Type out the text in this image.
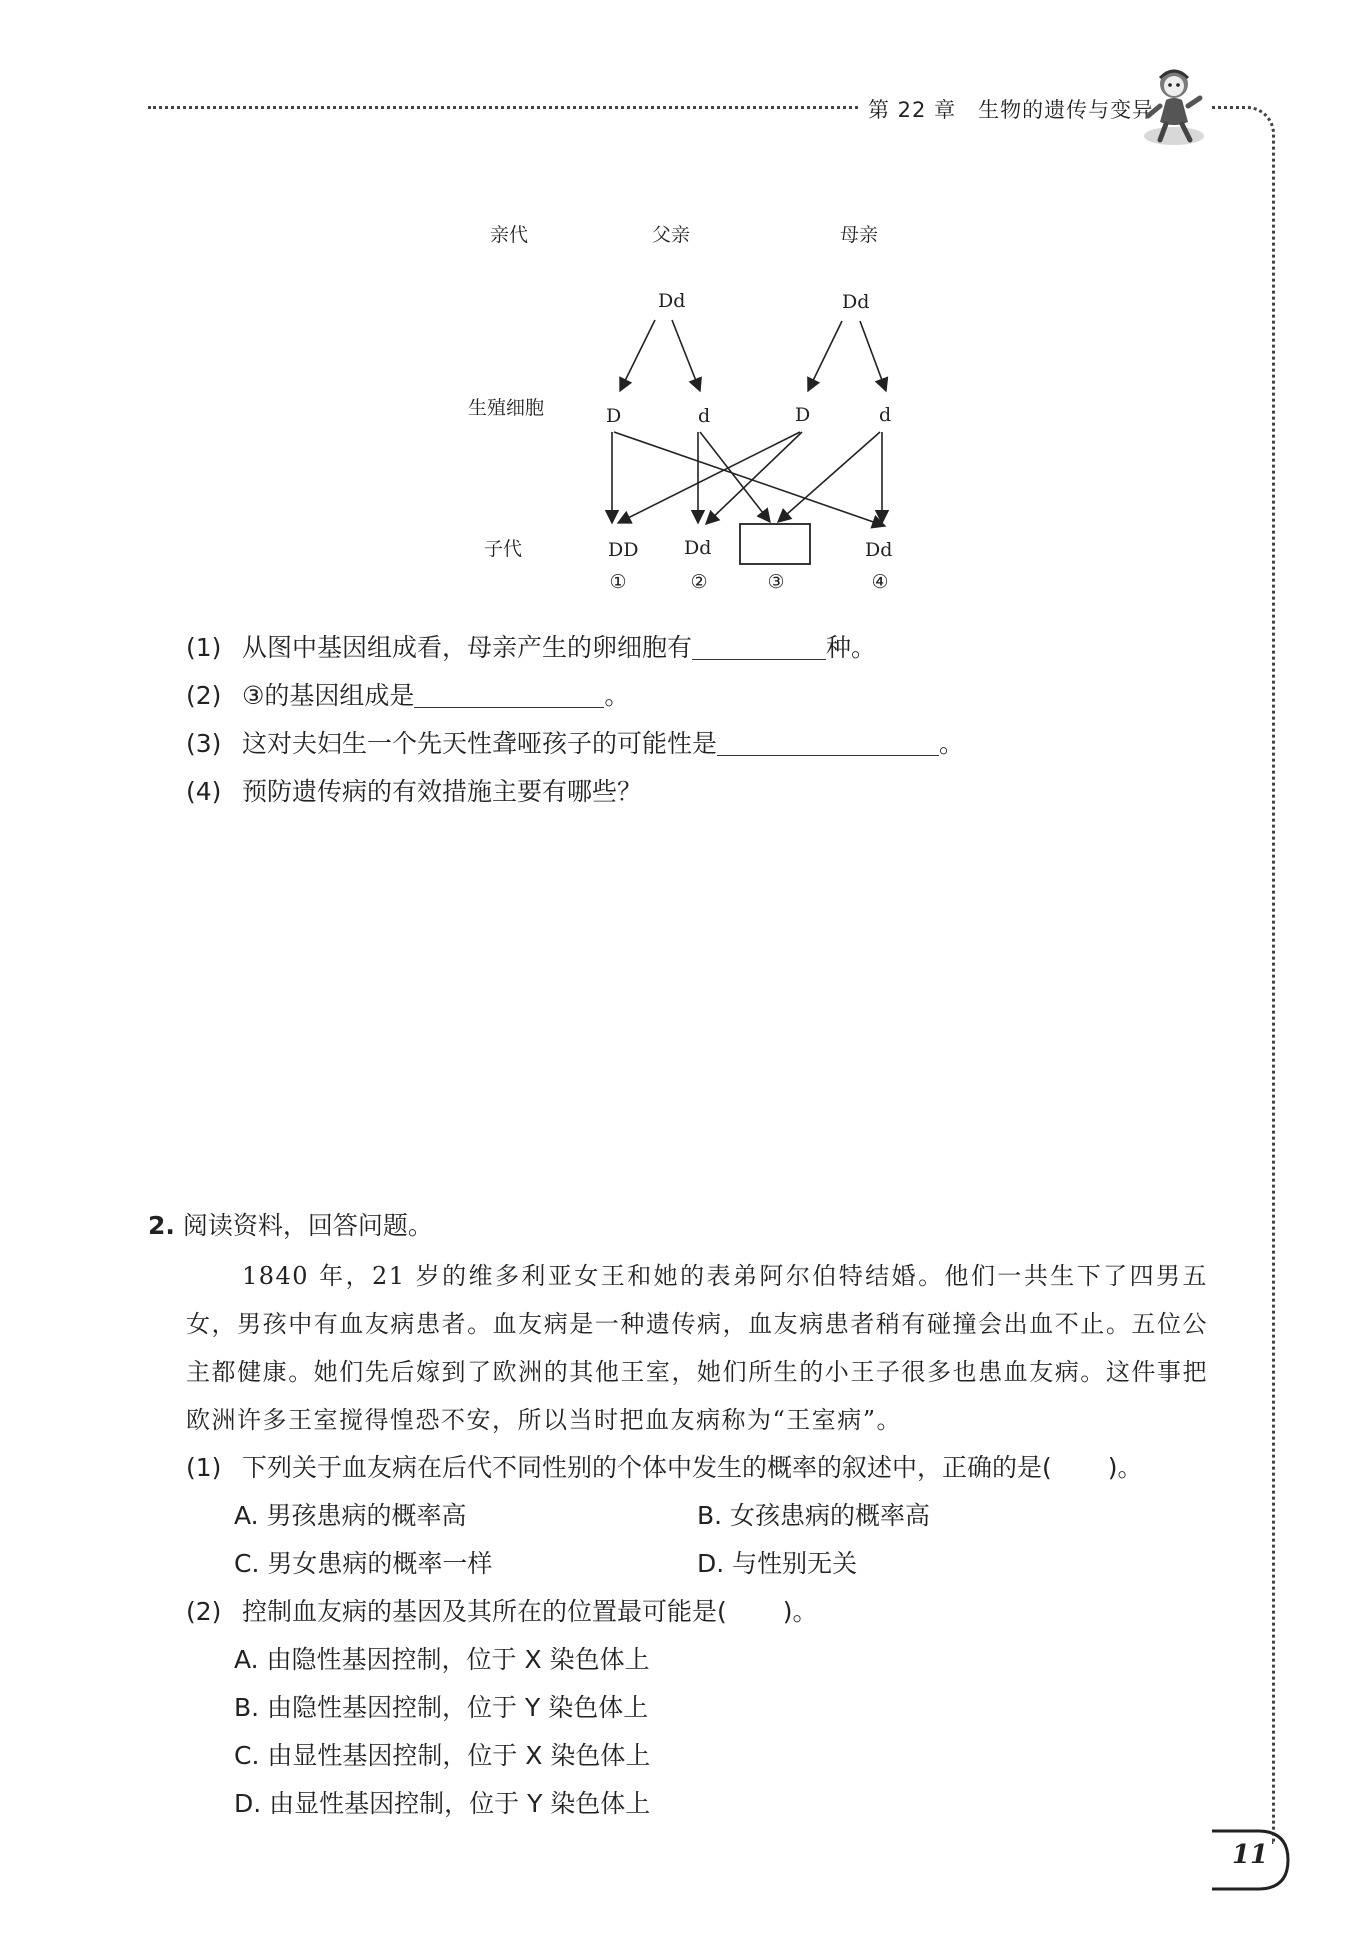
第 22 章 生物的遗传与变异
亲代	父亲	母亲
Dd	Dd
生殖细胞	D	d	D	d
子代	DD Dd	Dd
①	②	③	④
(1) 从图中基因组成看，母亲产生的卵细胞有	种。
(2) ③的基因组成是	。
(3) 这对夫妇生一个先天性聋哑孩子的可能性是	。
(4) 预防遗传病的有效措施主要有哪些？
2. 阅读资料，回答问题。
1840 年，21 岁的维多利亚女王和她的表弟阿尔伯特结婚。他们一共生下了四男五女，男孩中有血友病患者。血友病是一种遗传病，血友病患者稍有碰撞会出血不止。五位公主都健康。她们先后嫁到了欧洲的其他王室，她们所生的小王子很多也患血友病。这件事把欧洲许多王室搅得惶恐不安，所以当时把血友病称为“王室病”。
(1) 下列关于血友病在后代不同性别的个体中发生的概率的叙述中，正确的是( )。
A. 男孩患病的概率高	B. 女孩患病的概率高
C. 男女患病的概率一样	D. 与性别无关
(2) 控制血友病的基因及其所在的位置最可能是( )。
A. 由隐性基因控制，位于 X 染色体上
B. 由隐性基因控制，位于 Y 染色体上
C. 由显性基因控制，位于 X 染色体上
D. 由显性基因控制，位于 Y 染色体上
11
